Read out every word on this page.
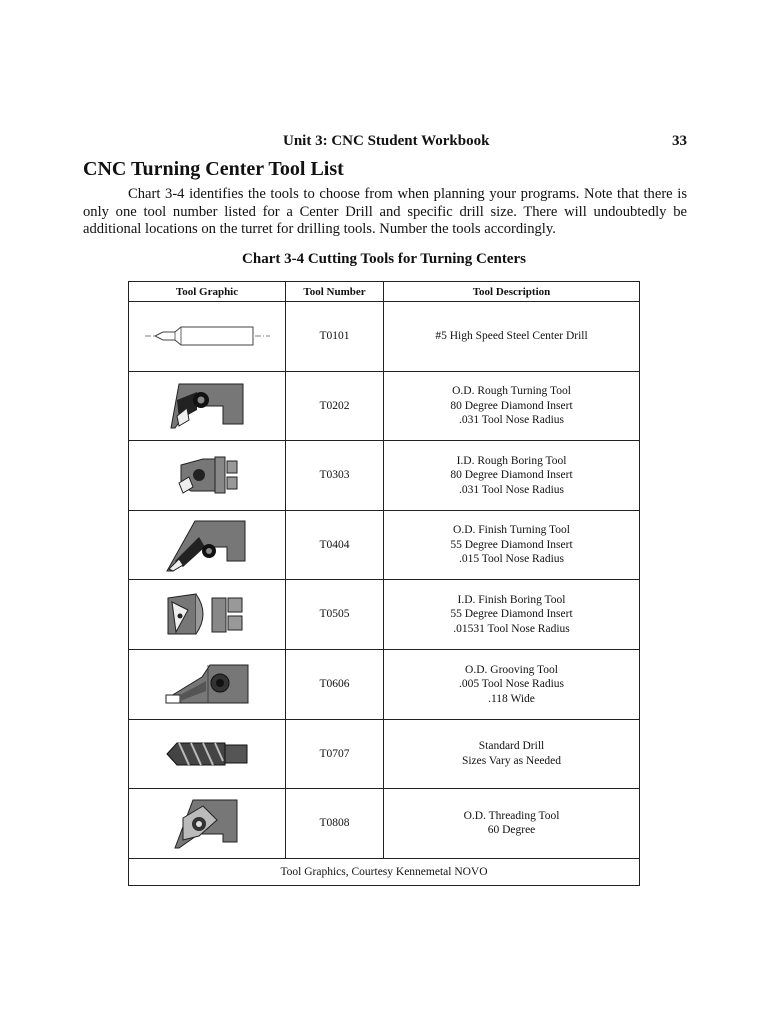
Unit 3: CNC Student Workbook	33
CNC Turning Center Tool List

Chart 3-4 identifies the tools to choose from when planning your programs. Note that there is only one tool number listed for a Center Drill and specific drill size. There will undoubtedly be additional locations on the turret for drilling tools. Number the tools accordingly.

Chart 3-4 Cutting Tools for Turning Centers
Tool Graphic	Tool Number	Tool Description

	T0101	#5 High Speed Steel Center Drill

	T0202	O.D. Rough Turning Tool
80 Degree Diamond Insert
.031 Tool Nose Radius

	T0303	I.D. Rough Boring Tool
80 Degree Diamond Insert
.031 Tool Nose Radius

	T0404	O.D. Finish Turning Tool
55 Degree Diamond Insert
.015 Tool Nose Radius

	T0505	I.D. Finish Boring Tool
55 Degree Diamond Insert
.01531 Tool Nose Radius

	T0606	O.D. Grooving Tool
.005 Tool Nose Radius
.118 Wide

	T0707	Standard Drill
Sizes Vary as Needed

	T0808	O.D. Threading Tool
60 Degree

Tool Graphics, Courtesy Kennemetal NOVO		
